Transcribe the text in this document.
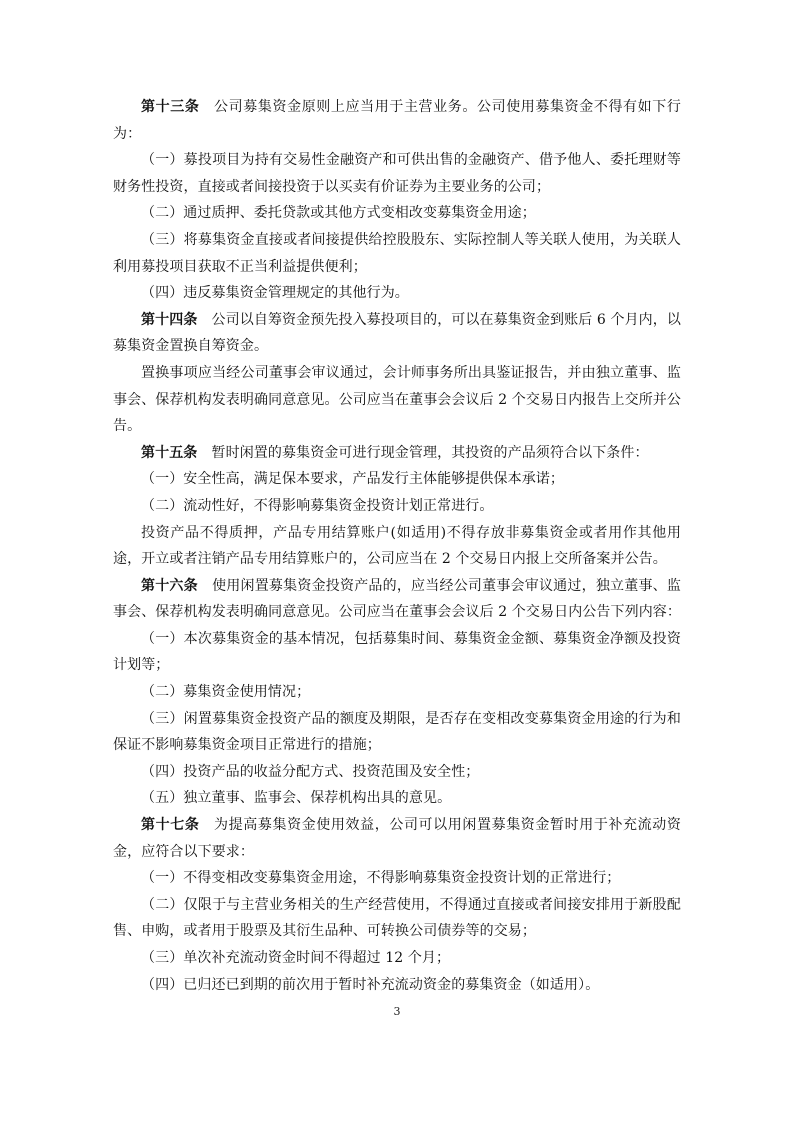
第十三条　公司募集资金原则上应当用于主营业务。公司使用募集资金不得有如下行为：

（一）募投项目为持有交易性金融资产和可供出售的金融资产、借予他人、委托理财等财务性投资，直接或者间接投资于以买卖有价证券为主要业务的公司；

（二）通过质押、委托贷款或其他方式变相改变募集资金用途；

（三）将募集资金直接或者间接提供给控股股东、实际控制人等关联人使用，为关联人利用募投项目获取不正当利益提供便利；

（四）违反募集资金管理规定的其他行为。

第十四条　公司以自筹资金预先投入募投项目的，可以在募集资金到账后 6 个月内，以募集资金置换自筹资金。

置换事项应当经公司董事会审议通过，会计师事务所出具鉴证报告，并由独立董事、监事会、保荐机构发表明确同意意见。公司应当在董事会会议后 2 个交易日内报告上交所并公告。

第十五条　暂时闲置的募集资金可进行现金管理，其投资的产品须符合以下条件：

（一）安全性高，满足保本要求，产品发行主体能够提供保本承诺；

（二）流动性好，不得影响募集资金投资计划正常进行。

投资产品不得质押，产品专用结算账户(如适用)不得存放非募集资金或者用作其他用途，开立或者注销产品专用结算账户的，公司应当在 2 个交易日内报上交所备案并公告。

第十六条　使用闲置募集资金投资产品的，应当经公司董事会审议通过，独立董事、监事会、保荐机构发表明确同意意见。公司应当在董事会会议后 2 个交易日内公告下列内容：

（一）本次募集资金的基本情况，包括募集时间、募集资金金额、募集资金净额及投资计划等；

（二）募集资金使用情况；

（三）闲置募集资金投资产品的额度及期限，是否存在变相改变募集资金用途的行为和保证不影响募集资金项目正常进行的措施；

（四）投资产品的收益分配方式、投资范围及安全性；

（五）独立董事、监事会、保荐机构出具的意见。

第十七条　为提高募集资金使用效益，公司可以用闲置募集资金暂时用于补充流动资金，应符合以下要求：

（一）不得变相改变募集资金用途，不得影响募集资金投资计划的正常进行；

（二）仅限于与主营业务相关的生产经营使用，不得通过直接或者间接安排用于新股配售、申购，或者用于股票及其衍生品种、可转换公司债券等的交易；

（三）单次补充流动资金时间不得超过 12 个月；

（四）已归还已到期的前次用于暂时补充流动资金的募集资金（如适用）。

3
